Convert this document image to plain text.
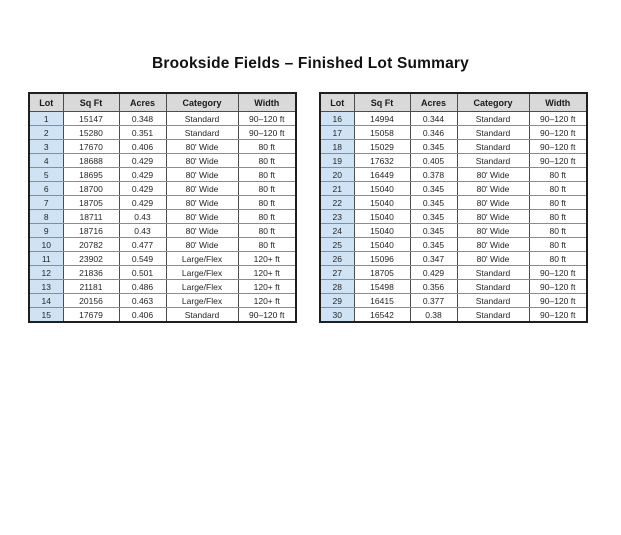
Brookside Fields – Finished Lot Summary
Lot	Sq Ft	Acres	Category	Width
1	15147	0.348	Standard	90–120 ft
2	15280	0.351	Standard	90–120 ft
3	17670	0.406	80' Wide	80 ft
4	18688	0.429	80' Wide	80 ft
5	18695	0.429	80' Wide	80 ft
6	18700	0.429	80' Wide	80 ft
7	18705	0.429	80' Wide	80 ft
8	18711	0.43	80' Wide	80 ft
9	18716	0.43	80' Wide	80 ft
10	20782	0.477	80' Wide	80 ft
11	23902	0.549	Large/Flex	120+ ft
12	21836	0.501	Large/Flex	120+ ft
13	21181	0.486	Large/Flex	120+ ft
14	20156	0.463	Large/Flex	120+ ft
15	17679	0.406	Standard	90–120 ft
Lot	Sq Ft	Acres	Category	Width
16	14994	0.344	Standard	90–120 ft
17	15058	0.346	Standard	90–120 ft
18	15029	0.345	Standard	90–120 ft
19	17632	0.405	Standard	90–120 ft
20	16449	0.378	80' Wide	80 ft
21	15040	0.345	80' Wide	80 ft
22	15040	0.345	80' Wide	80 ft
23	15040	0.345	80' Wide	80 ft
24	15040	0.345	80' Wide	80 ft
25	15040	0.345	80' Wide	80 ft
26	15096	0.347	80' Wide	80 ft
27	18705	0.429	Standard	90–120 ft
28	15498	0.356	Standard	90–120 ft
29	16415	0.377	Standard	90–120 ft
30	16542	0.38	Standard	90–120 ft
